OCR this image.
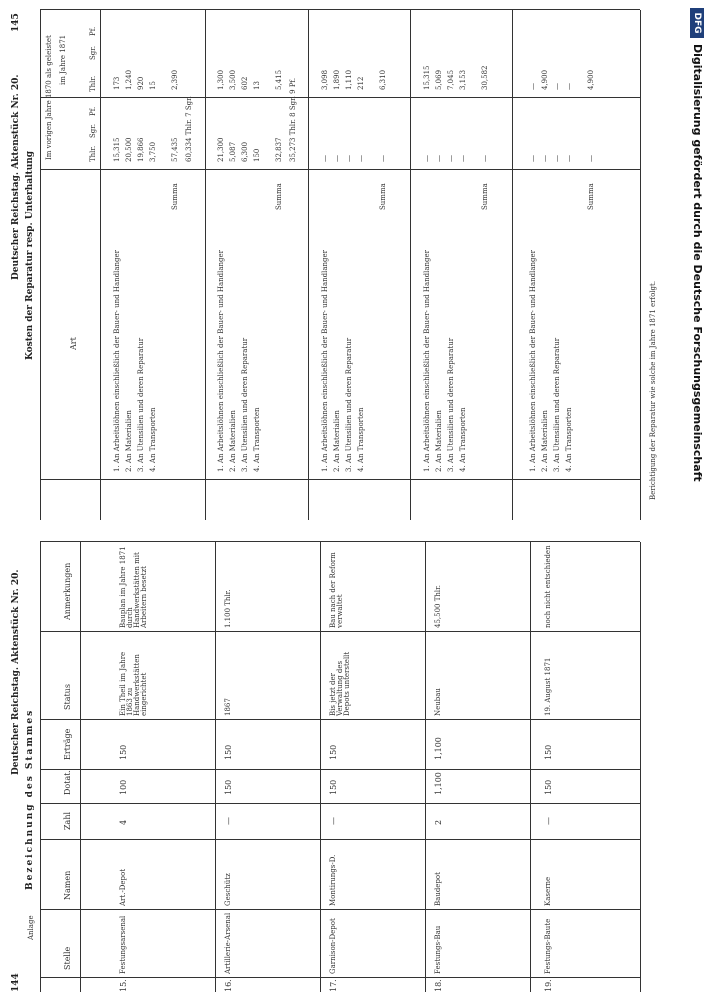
144
145
Deutscher Reichstag. Aktenstück Nr. 20.
Deutscher Reichstag. Aktenstück Nr. 20.
Anlage
Bezeichnung des Stammes
Stelle
Namen
Zahl
Dotat.
Erträge
Status
Anmerkungen
15.
Festungsarsenal
Art.-Depot
4
100
150
Ein Theil im Jahre 1863 zu Handwerkstätten eingerichtet
Bauplan im Jahre 1871 durch Handwerkstätten mit Arbeitern besetzt
16.
Artillerie-Arsenal
Geschütz
—
150
150
1867
1.100 Thlr.
17.
Garnison-Depot
Montirungs-D.
—
150
150
Bis jetzt der Verwaltung des Depots unterstellt
Bau nach der Reform verwaltet
18.
Festungs-Bau
Baudepot
2
1,100
1,100
Neubau
45,500 Thlr.
19.
Festungs-Baute
Kaserne
—
150
150
19. August 1871
noch nicht entschieden
Kosten der Reparatur resp. Unterhaltung	Art
im Jahre 1871
Thlr.
Sgr.
Pf.
Thlr.
Sgr.
Pf.
1. An Arbeitslöhnen einschließlich der Bauer- und Handlanger 2. An Materialien 3. An Utensilien und deren Reparatur 4. An Transporten
15,315 20,500 19,866 3,750
173 1,240 920 15
Summa
57,435
2,390
60,334 Thlr. 7 Sgr.
1. An Arbeitslöhnen einschließlich der Bauer- und Handlanger 2. An Materialien 3. An Utensilien und deren Reparatur 4. An Transporten
21,300 5,087 6,300 150
1,300 3,500 602 13
Summa
32,837
5,415 35,273 Thlr. 8 Sgr. 9 Pf.
1. An Arbeitslöhnen einschließlich der Bauer- und Handlanger 2. An Materialien 3. An Utensilien und deren Reparatur 4. An Transporten
— — — —
3,098 1,890 1,110 212
Summa
—
6,310
1. An Arbeitslöhnen einschließlich der Bauer- und Handlanger 2. An Materialien 3. An Utensilien und deren Reparatur 4. An Transporten
— — — —
15,315 5,069 7,045 3,153
Summa
—
30,582
1. An Arbeitslöhnen einschließlich der Bauer- und Handlanger 2. An Materialien 3. An Utensilien und deren Reparatur 4. An Transporten
— — — —
— 4,900 — —
Summa
—
4,900
Berichtigung der Reparatur wie solche im Jahre 1871 erfolgt.
DFG
Digitalisierung gefördert durch die Deutsche Forschungsgemeinschaft
